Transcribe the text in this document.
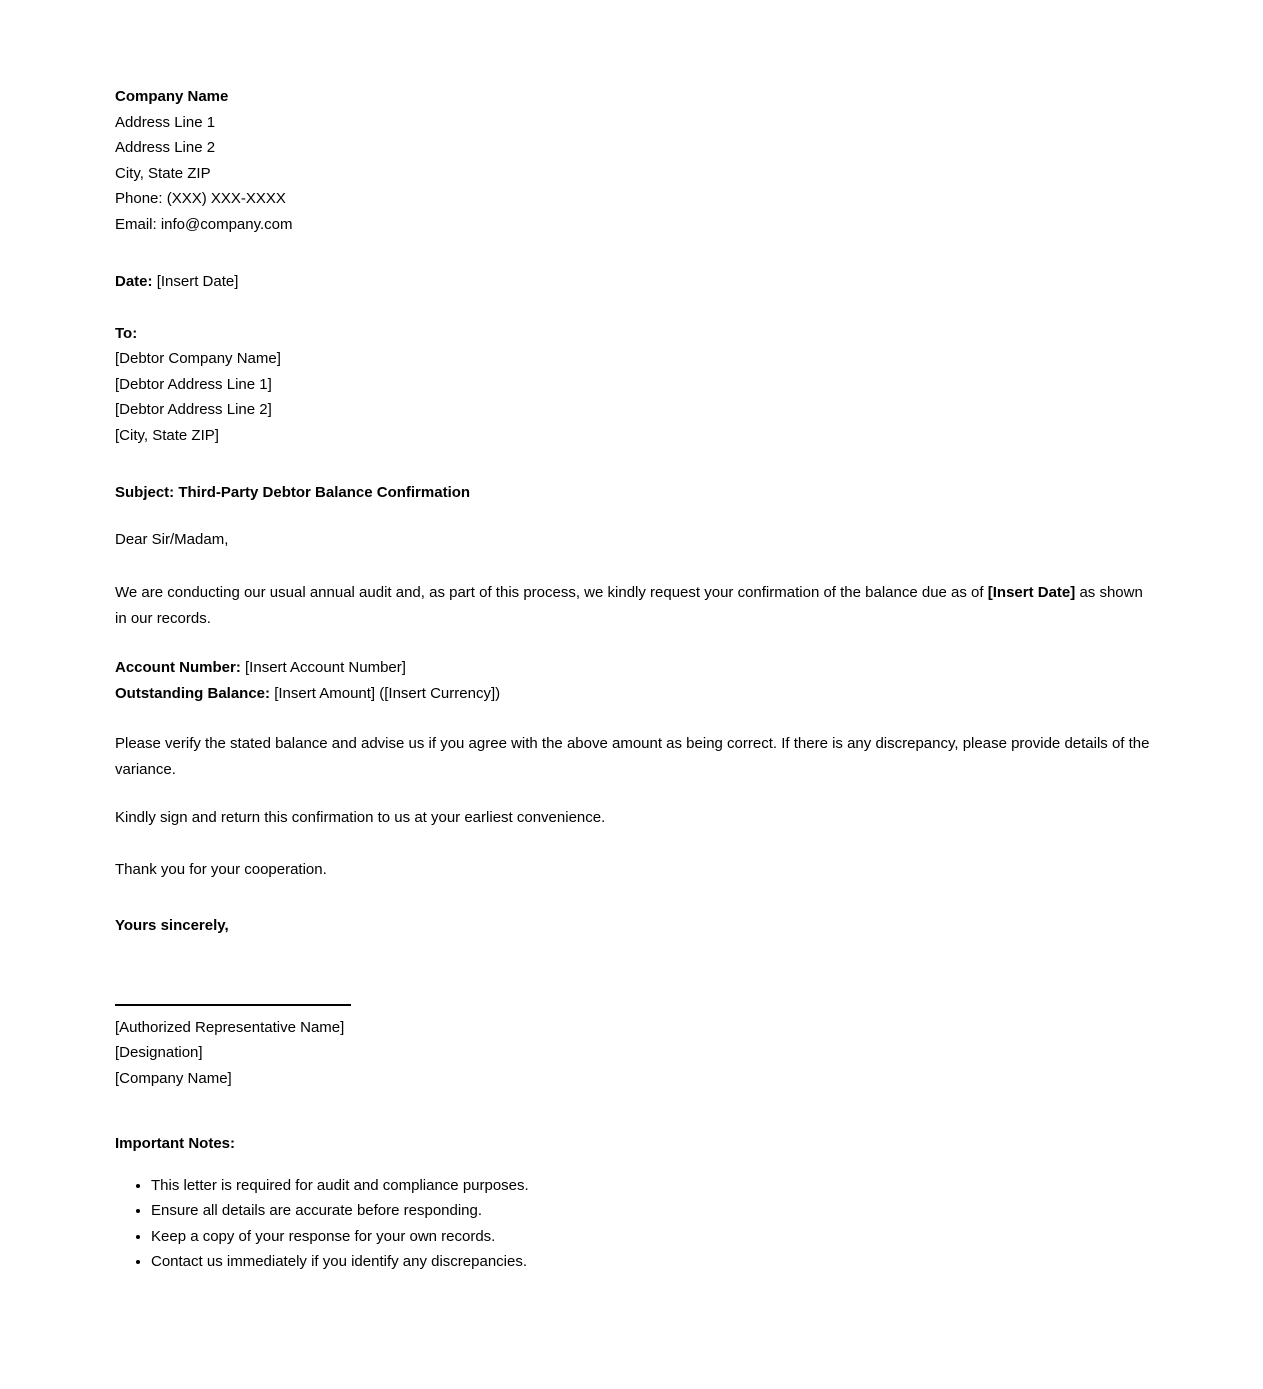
Company Name
Address Line 1
Address Line 2
City, State ZIP
Phone: (XXX) XXX-XXXX
Email: info@company.com

Date: [Insert Date]

To:
[Debtor Company Name]
[Debtor Address Line 1]
[Debtor Address Line 2]
[City, State ZIP]

Subject: Third-Party Debtor Balance Confirmation

Dear Sir/Madam,

We are conducting our usual annual audit and, as part of this process, we kindly request your confirmation of the balance due as of [Insert Date] as shown in our records.

Account Number: [Insert Account Number]
Outstanding Balance: [Insert Amount] ([Insert Currency])

Please verify the stated balance and advise us if you agree with the above amount as being correct. If there is any discrepancy, please provide details of the variance.

Kindly sign and return this confirmation to us at your earliest convenience.

Thank you for your cooperation.

Yours sincerely,

[Authorized Representative Name]
[Designation]
[Company Name]

Important Notes:

• This letter is required for audit and compliance purposes.
• Ensure all details are accurate before responding.
• Keep a copy of your response for your own records.
• Contact us immediately if you identify any discrepancies.
